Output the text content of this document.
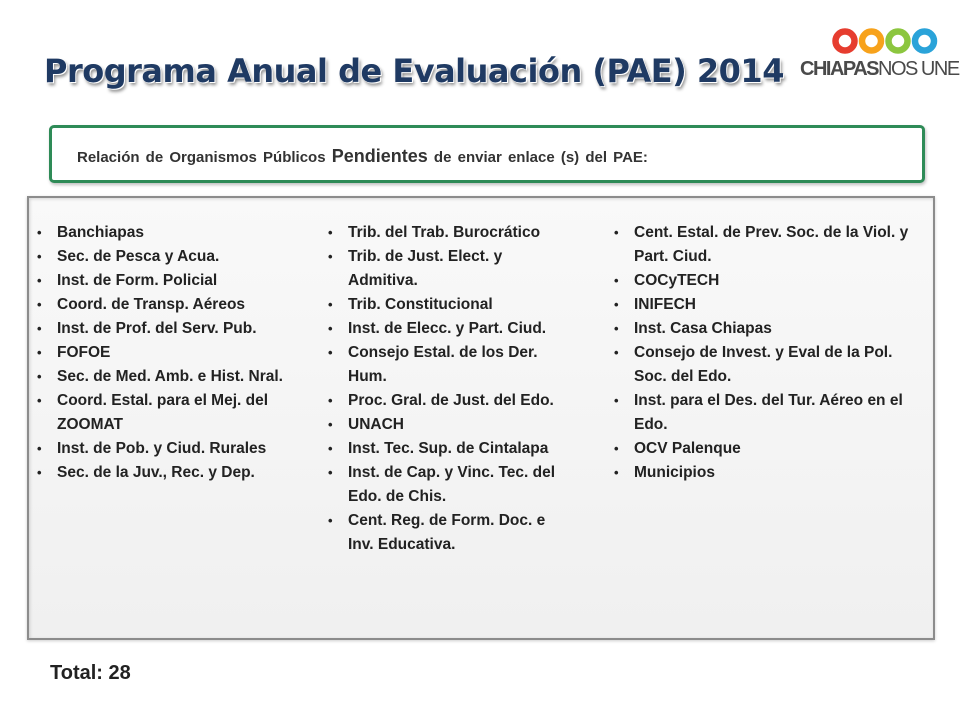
Programa Anual de Evaluación (PAE) 2014 CHIAPASNOS UNE
Relación de Organismos Públicos Pendientes de enviar enlace (s) del PAE:
• Banchiapas
• Sec. de Pesca y Acua.
• Inst. de Form. Policial
• Coord. de Transp. Aéreos
• Inst. de Prof. del Serv. Pub.
• FOFOE
• Sec. de Med. Amb. e Hist. Nral.
• Coord. Estal. para el Mej. del ZOOMAT
• Inst. de Pob. y Ciud. Rurales
• Sec. de la Juv., Rec. y Dep.
• Trib. del Trab. Burocrático
• Trib. de Just. Elect. y Admitiva.
• Trib. Constitucional
• Inst. de Elecc. y Part. Ciud.
• Consejo Estal. de los Der. Hum.
• Proc. Gral. de Just. del Edo.
• UNACH
• Inst. Tec. Sup. de Cintalapa
• Inst. de Cap. y Vinc. Tec. del Edo. de Chis.
• Cent. Reg. de Form. Doc. e Inv. Educativa.
• Cent. Estal. de Prev. Soc. de la Viol. y Part. Ciud.
• COCyTECH
• INIFECH
• Inst. Casa Chiapas
• Consejo de Invest. y Eval de la Pol. Soc. del Edo.
• Inst. para el Des. del Tur. Aéreo en el Edo.
• OCV Palenque
• Municipios
Total: 28
